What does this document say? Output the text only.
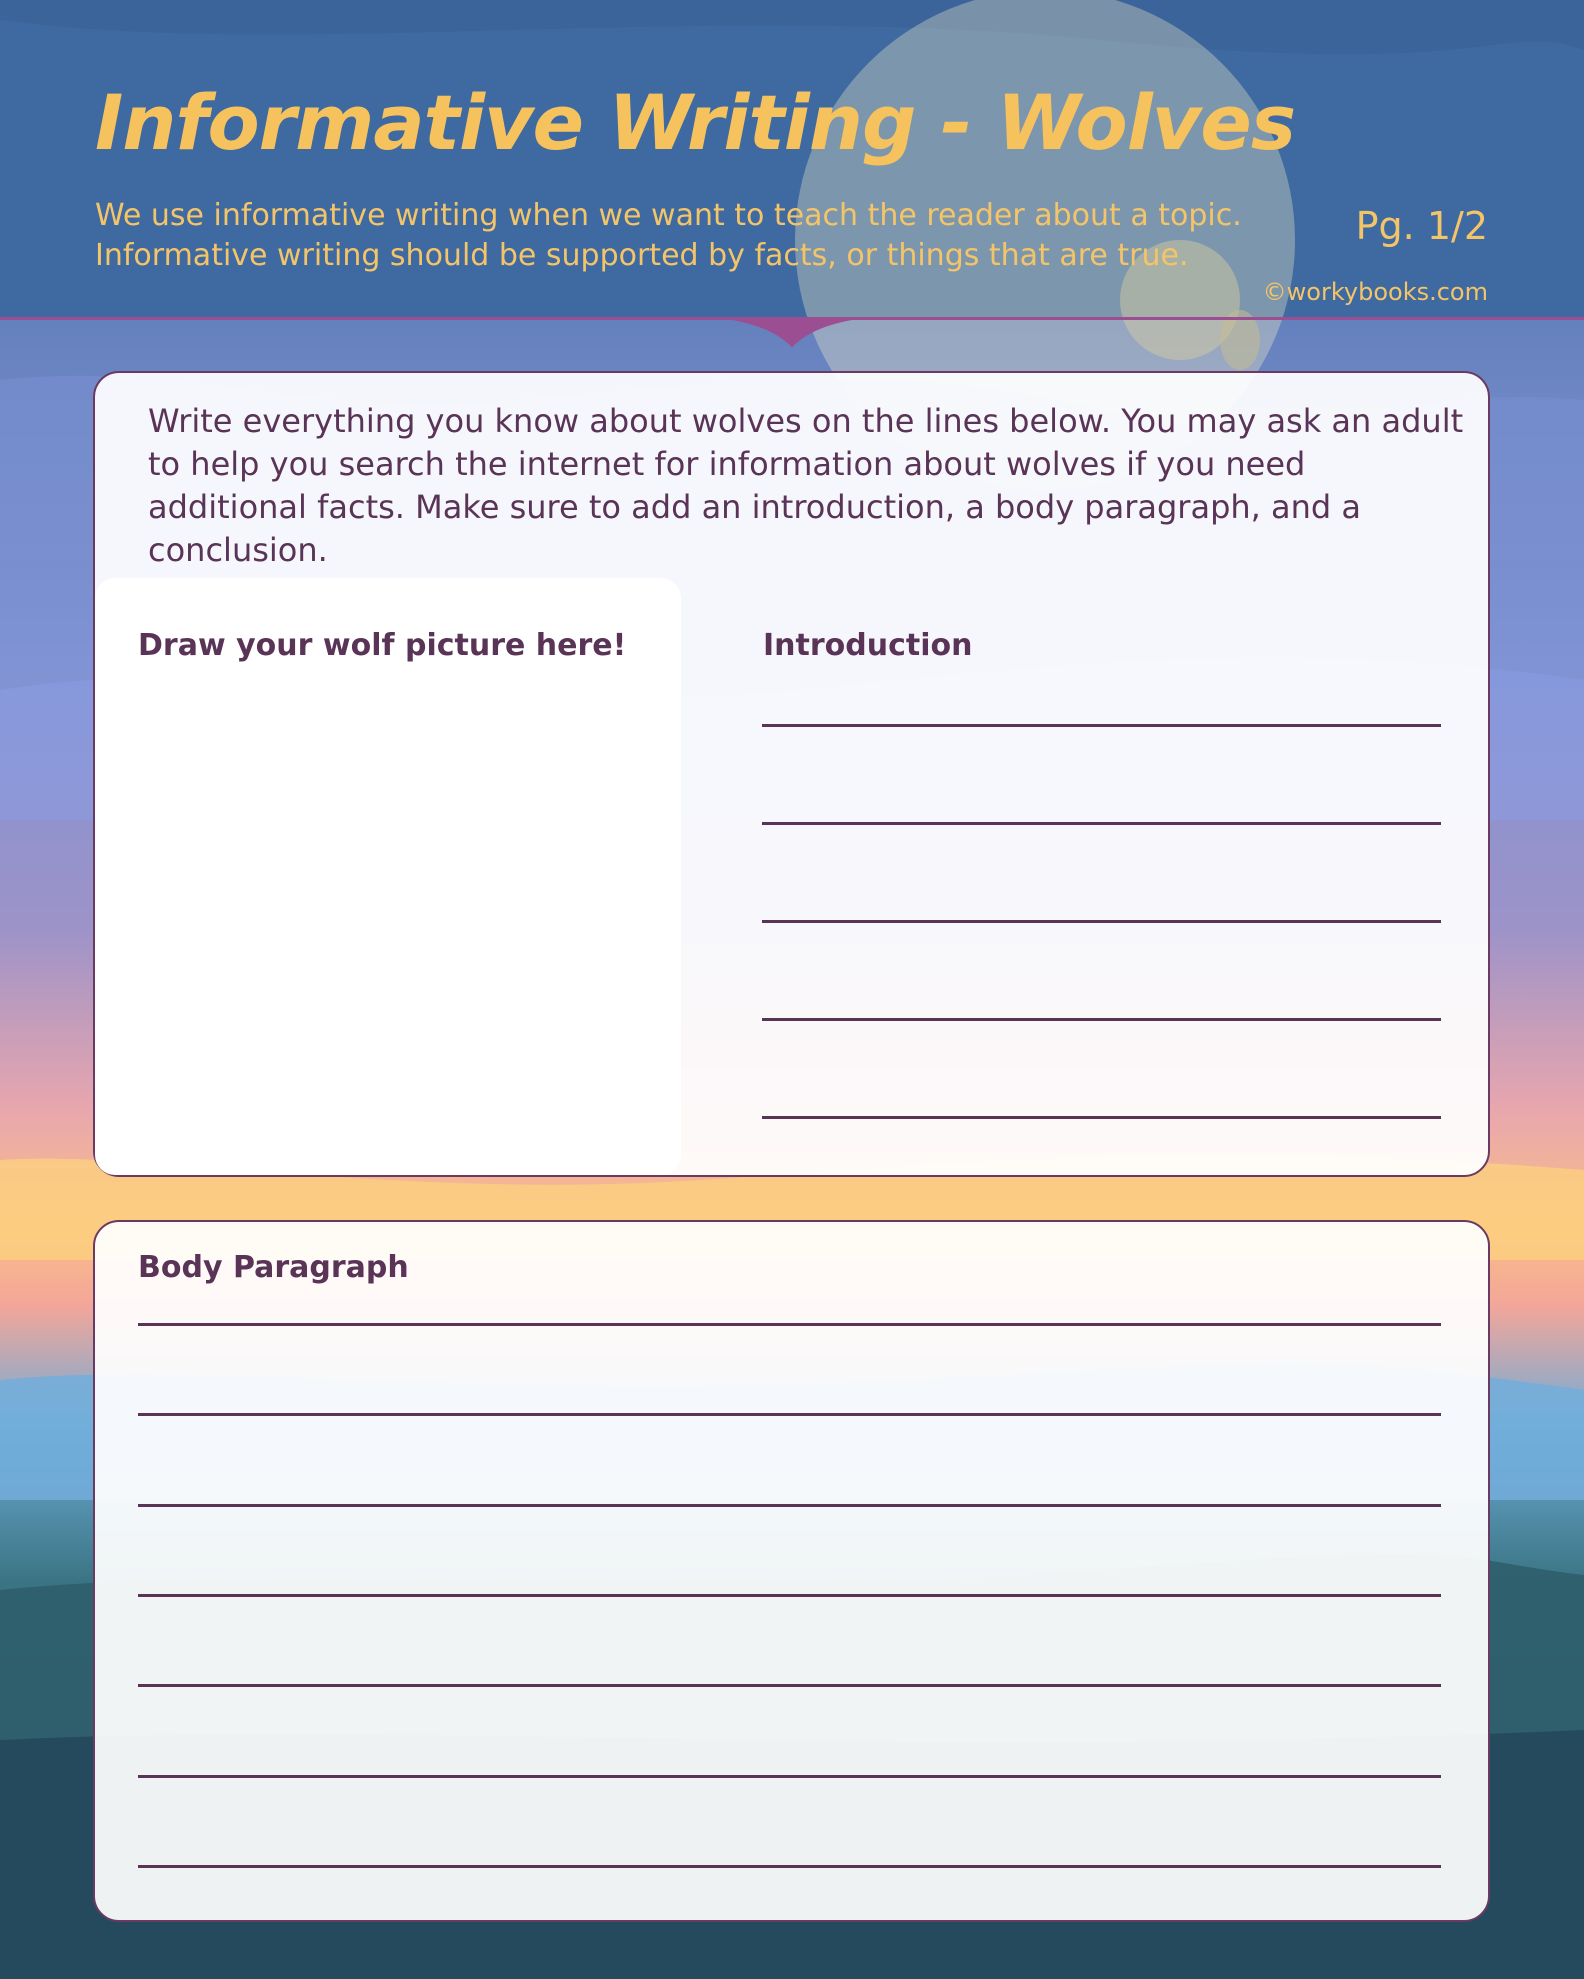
Informative Writing - Wolves

We use informative writing when we want to teach the reader about a topic. Informative writing should be supported by facts, or things that are true.

Pg. 1/2
©workybooks.com

Write everything you know about wolves on the lines below. You may ask an adult to help you search the internet for information about wolves if you need additional facts. Make sure to add an introduction, a body paragraph, and a conclusion.

Draw your wolf picture here!	Introduction
Body Paragraph
